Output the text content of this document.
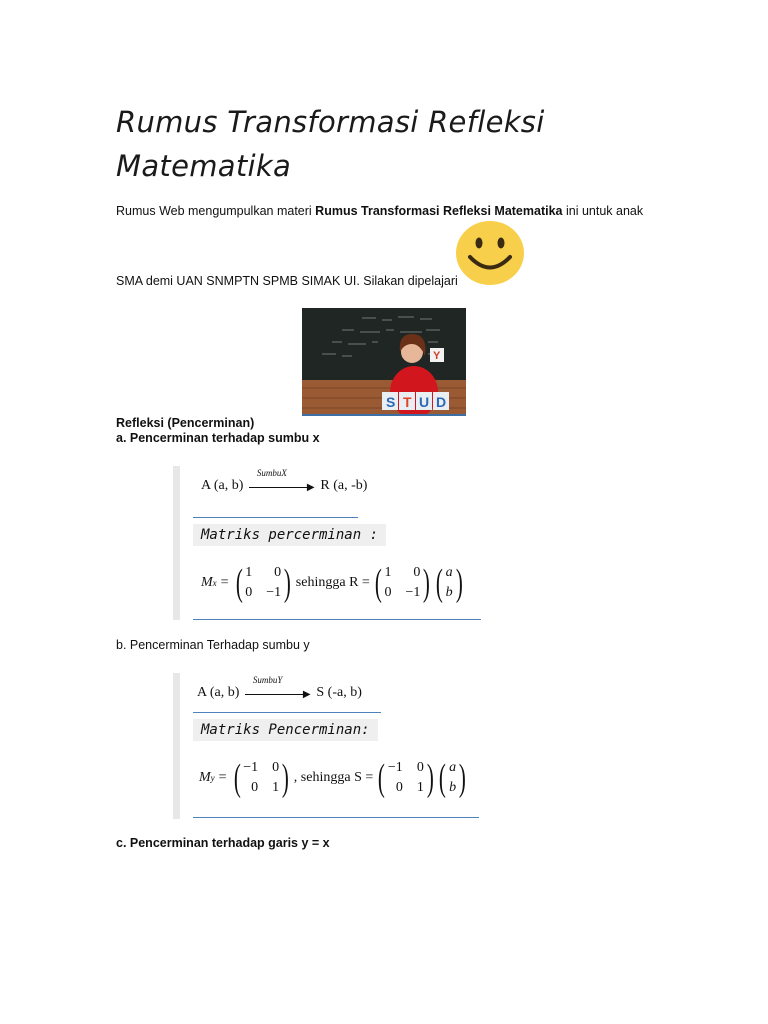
Rumus Transformasi Refleksi
Matematika
Rumus Web mengumpulkan materi Rumus Transformasi Refleksi Matematika ini untuk anak
SMA demi UAN SNMPTN SPMB SIMAK UI. Silakan dipelajari
Y
S T U D
Refleksi (Pencerminan)
a. Pencerminan terhadap sumbu x
A (a, b)
SumbuX
▶ R (a, -b)
Matriks percerminan :
M x = ( 1	0
0 −1 ) sehingga R = ( 1	0
0 −1 ) ( a
b )
b. Pencerminan Terhadap sumbu y
A (a, b)
SumbuY
▶ S (-a, b)
Matriks Pencerminan:
M y = ( −1 0
0 1 ) , sehingga S = ( −1 0
0 1 ) ( a
b )
c. Pencerminan terhadap garis y = x
